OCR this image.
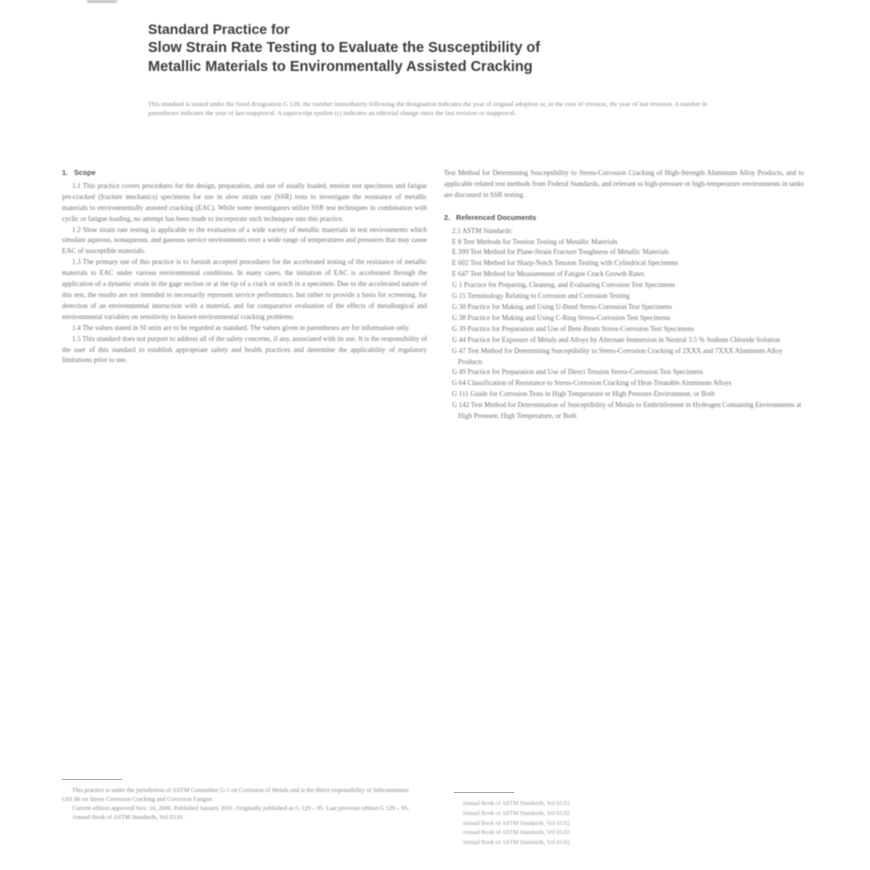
Standard Practice for

Slow Strain Rate Testing to Evaluate the Susceptibility of

Metallic Materials to Environmentally Assisted Cracking

This standard is issued under the fixed designation G 129; the number immediately following the designation indicates the year of original adoption or, in the case of revision, the year of last revision. A number in parentheses indicates the year of last reapproval. A superscript epsilon (ε) indicates an editorial change since the last revision or reapproval.

1. Scope

1.1 This practice covers procedures for the design, preparation, and use of axially loaded, tension test specimens and fatigue pre-cracked (fracture mechanics) specimens for use in slow strain rate (SSR) tests to investigate the resistance of metallic materials to environmentally assisted cracking (EAC). While some investigators utilize SSR test techniques in combination with cyclic or fatigue loading, no attempt has been made to incorporate such techniques into this practice.

1.2 Slow strain rate testing is applicable to the evaluation of a wide variety of metallic materials in test environments which simulate aqueous, nonaqueous, and gaseous service environments over a wide range of temperatures and pressures that may cause EAC of susceptible materials.

1.3 The primary use of this practice is to furnish accepted procedures for the accelerated testing of the resistance of metallic materials to EAC under various environmental conditions. In many cases, the initiation of EAC is accelerated through the application of a dynamic strain in the gage section or at the tip of a crack or notch in a specimen. Due to the accelerated nature of this test, the results are not intended to necessarily represent service performance, but rather to provide a basis for screening, for detection of an environmental interaction with a material, and for comparative evaluation of the effects of metallurgical and environmental variables on sensitivity to known environmental cracking problems.

1.4 The values stated in SI units are to be regarded as standard. The values given in parentheses are for information only.

1.5 This standard does not purport to address all of the safety concerns, if any, associated with its use. It is the responsibility of the user of this standard to establish appropriate safety and health practices and determine the applicability of regulatory limitations prior to use.

This practice is under the jurisdiction of ASTM Committee G-1 on Corrosion of Metals and is the direct responsibility of Subcommittee G01.06 on Stress Corrosion Cracking and Corrosion Fatigue.

Current edition approved Nov. 10, 2000. Published January 2001. Originally published as G 129 – 95. Last previous edition G 129 – 95.

Annual Book of ASTM Standards, Vol 03.01.

Test Method for Determining Susceptibility to Stress-Corrosion Cracking of High-Strength Aluminum Alloy Products, and to applicable related test methods from Federal Standards, and relevant to high-pressure or high-temperature environments in tanks are discussed in SSR testing.

2. Referenced Documents
2.1 ASTM Standards:
E 8 Test Methods for Tension Testing of Metallic Materials
E 399 Test Method for Plane-Strain Fracture Toughness of Metallic Materials
E 602 Test Method for Sharp-Notch Tension Testing with Cylindrical Specimens
E 647 Test Method for Measurement of Fatigue Crack Growth Rates
G 1 Practice for Preparing, Cleaning, and Evaluating Corrosion Test Specimens
G 15 Terminology Relating to Corrosion and Corrosion Testing
G 30 Practice for Making and Using U-Bend Stress-Corrosion Test Specimens
G 38 Practice for Making and Using C-Ring Stress-Corrosion Test Specimens
G 39 Practice for Preparation and Use of Bent-Beam Stress-Corrosion Test Specimens
G 44 Practice for Exposure of Metals and Alloys by Alternate Immersion in Neutral 3.5 % Sodium Chloride Solution
G 47 Test Method for Determining Susceptibility to Stress-Corrosion Cracking of 2XXX and 7XXX Aluminum Alloy Products
G 49 Practice for Preparation and Use of Direct Tension Stress-Corrosion Test Specimens
G 64 Classification of Resistance to Stress-Corrosion Cracking of Heat-Treatable Aluminum Alloys
G 111 Guide for Corrosion Tests in High Temperature or High Pressure Environment, or Both
G 142 Test Method for Determination of Susceptibility of Metals to Embrittlement in Hydrogen Containing Environments at High Pressure, High Temperature, or Both

Annual Book of ASTM Standards, Vol 03.01.

Annual Book of ASTM Standards, Vol 03.02.

Annual Book of ASTM Standards, Vol 03.02.

Annual Book of ASTM Standards, Vol 03.02.

Annual Book of ASTM Standards, Vol 03.02.
